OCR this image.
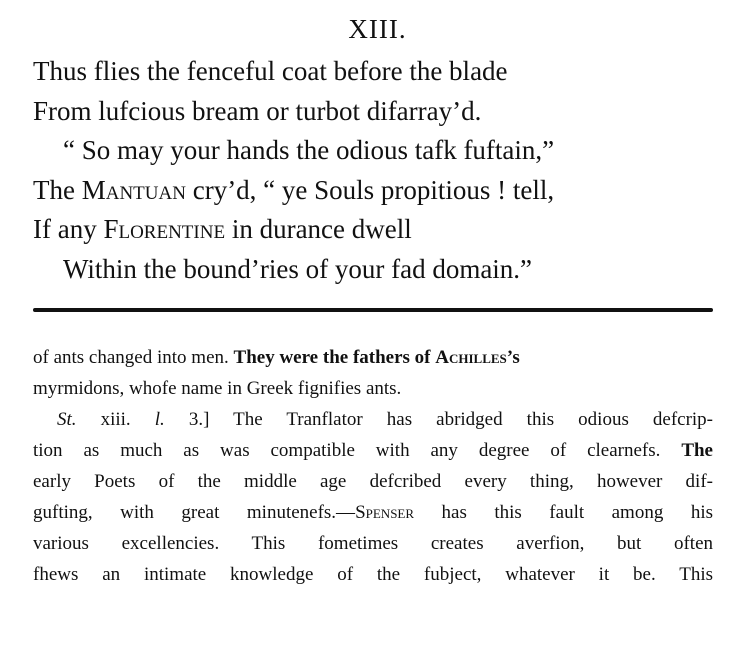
XIII.
Thus flies the fenceful coat before the blade
From lufcious bream or turbot difarray’d.
“ So may your hands the odious tafk fuftain,”
The Mantuan cry’d, “ ye Souls propitious ! tell,
If any Florentine in durance dwell
Within the bound’ries of your fad domain.”
of ants changed into men. They were the fathers of Achilles’s
myrmidons, whofe name in Greek fignifies ants.
St. xiii. l. 3.] The Tranflator has abridged this odious defcrip-
tion as much as was compatible with any degree of clearnefs. The
early Poets of the middle age defcribed every thing, however dif-
gufting, with great minutenefs.—Spenser has this fault among his
various excellencies. This fometimes creates averfion, but often
fhews an intimate knowledge of the fubject, whatever it be. This
